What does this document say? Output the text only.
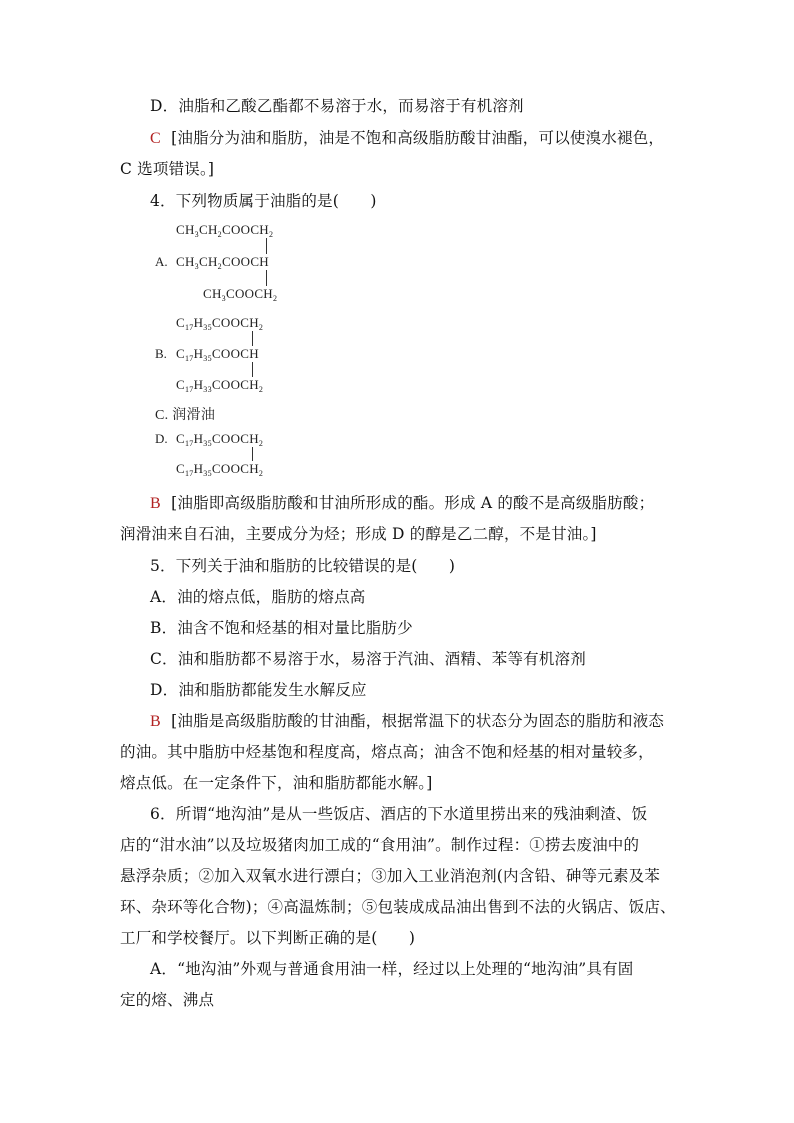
D．油脂和乙酸乙酯都不易溶于水，而易溶于有机溶剂
C [油脂分为油和脂肪，油是不饱和高级脂肪酸甘油酯，可以使溴水褪色，
C 选项错误。]
4．下列物质属于油脂的是(　　)
$CH_3CH_2COOCH_2$
A. $CH_3CH_2COOCH$
$CH_3COOCH_2$
$C_{17}H_{35}COOCH_2$
B. $C_{17}H_{35}COOCH$
$C_{17}H_{33}COOCH_2$
C. 润滑油
D. $C_{17}H_{35}COOCH_2$
$C_{17}H_{35}COOCH_2$
B [油脂即高级脂肪酸和甘油所形成的酯。形成 A 的酸不是高级脂肪酸；
润滑油来自石油，主要成分为烃；形成 D 的醇是乙二醇，不是甘油。]
5．下列关于油和脂肪的比较错误的是(　　)
A．油的熔点低，脂肪的熔点高
B．油含不饱和烃基的相对量比脂肪少
C．油和脂肪都不易溶于水，易溶于汽油、酒精、苯等有机溶剂
D．油和脂肪都能发生水解反应
B [油脂是高级脂肪酸的甘油酯，根据常温下的状态分为固态的脂肪和液态
的油。其中脂肪中烃基饱和程度高，熔点高；油含不饱和烃基的相对量较多，
熔点低。在一定条件下，油和脂肪都能水解。]
6．所谓“地沟油”是从一些饭店、酒店的下水道里捞出来的残油剩渣、饭
店的“泔水油”以及垃圾猪肉加工成的“食用油”。制作过程：①捞去废油中的
悬浮杂质；②加入双氧水进行漂白；③加入工业消泡剂(内含铅、砷等元素及苯
环、杂环等化合物)；④高温炼制；⑤包装成成品油出售到不法的火锅店、饭店、
工厂和学校餐厅。以下判断正确的是(　　)
A．“地沟油”外观与普通食用油一样，经过以上处理的“地沟油”具有固
定的熔、沸点
